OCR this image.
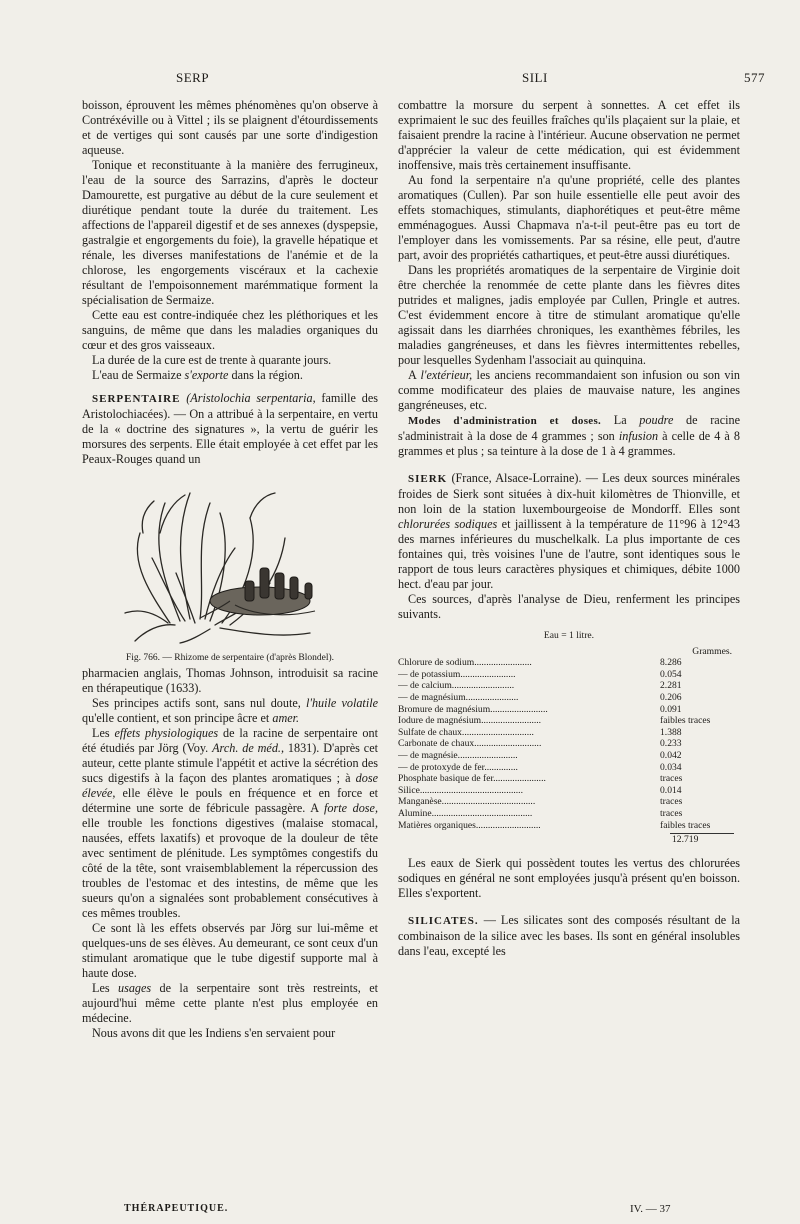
SERP	SILI	577

boisson, éprouvent les mêmes phénomènes qu'on observe à Contréxéville ou à Vittel ; ils se plaignent d'étourdissements et de vertiges qui sont causés par une sorte d'indigestion aqueuse.

Tonique et reconstituante à la manière des ferrugineux, l'eau de la source des Sarrazins, d'après le docteur Damourette, est purgative au début de la cure seulement et diurétique pendant toute la durée du traitement. Les affections de l'appareil digestif et de ses annexes (dyspepsie, gastralgie et engorgements du foie), la gravelle hépatique et rénale, les diverses manifestations de l'anémie et de la chlorose, les engorgements viscéraux et la cachexie résultant de l'empoisonnement marémmatique forment la spécialisation de Sermaize.

Cette eau est contre-indiquée chez les pléthoriques et les sanguins, de même que dans les maladies organiques du cœur et des gros vaisseaux.

La durée de la cure est de trente à quarante jours.

L'eau de Sermaize s'exporte dans la région.

SERPENTAIRE (Aristolochia serpentaria, famille des Aristolochiacées). — On a attribué à la serpentaire, en vertu de la « doctrine des signatures », la vertu de guérir les morsures des serpents. Elle était employée à cet effet par les Peaux-Rouges quand un

Fig. 766. — Rhizome de serpentaire (d'après Blondel).

pharmacien anglais, Thomas Johnson, introduisit sa racine en thérapeutique (1633).

Ses principes actifs sont, sans nul doute, l'huile volatile qu'elle contient, et son principe âcre et amer.

Les effets physiologiques de la racine de serpentaire ont été étudiés par Jörg (Voy. Arch. de méd., 1831). D'après cet auteur, cette plante stimule l'appétit et active la sécrétion des sucs digestifs à la façon des plantes aromatiques ; à dose élevée, elle élève le pouls en fréquence et en force et détermine une sorte de fébricule passagère. A forte dose, elle trouble les fonctions digestives (malaise stomacal, nausées, effets laxatifs) et provoque de la douleur de tête avec sentiment de plénitude. Les symptômes congestifs du côté de la tête, sont vraisemblablement la répercussion des troubles de l'estomac et des intestins, de même que les sueurs qu'on a signalées sont probablement consécutives à ces mêmes troubles.

Ce sont là les effets observés par Jörg sur lui-même et quelques-uns de ses élèves. Au demeurant, ce sont ceux d'un stimulant aromatique que le tube digestif supporte mal à haute dose.

Les usages de la serpentaire sont très restreints, et aujourd'hui même cette plante n'est plus employée en médecine.

Nous avons dit que les Indiens s'en servaient pour

combattre la morsure du serpent à sonnettes. A cet effet ils exprimaient le suc des feuilles fraîches qu'ils plaçaient sur la plaie, et faisaient prendre la racine à l'intérieur. Aucune observation ne permet d'apprécier la valeur de cette médication, qui est évidemment inoffensive, mais très certainement insuffisante.

Au fond la serpentaire n'a qu'une propriété, celle des plantes aromatiques (Cullen). Par son huile essentielle elle peut avoir des effets stomachiques, stimulants, diaphorétiques et peut-être même emménagogues. Aussi Chapmava n'a-t-il peut-être pas eu tort de l'employer dans les vomissements. Par sa résine, elle peut, d'autre part, avoir des propriétés cathartiques, et peut-être aussi diurétiques.

Dans les propriétés aromatiques de la serpentaire de Virginie doit être cherchée la renommée de cette plante dans les fièvres dites putrides et malignes, jadis employée par Cullen, Pringle et autres. C'est évidemment encore à titre de stimulant aromatique qu'elle agissait dans les diarrhées chroniques, les exanthèmes fébriles, les maladies gangréneuses, et dans les fièvres intermittentes rebelles, pour lesquelles Sydenham l'associait au quinquina.

A l'extérieur, les anciens recommandaient son infusion ou son vin comme modificateur des plaies de mauvaise nature, les angines gangréneuses, etc.

Modes d'administration et doses. La poudre de racine s'administrait à la dose de 4 grammes ; son infusion à celle de 4 à 8 grammes et plus ; sa teinture à la dose de 1 à 4 grammes.

SIERK (France, Alsace-Lorraine). — Les deux sources minérales froides de Sierk sont situées à dix-huit kilomètres de Thionville, et non loin de la station luxembourgeoise de Mondorff. Elles sont chlorurées sodiques et jaillissent à la température de 11°96 à 12°43 des marnes inférieures du muschelkalk. La plus importante de ces fontaines qui, très voisines l'une de l'autre, sont identiques sous le rapport de tous leurs caractères physiques et chimiques, débite 1000 hect. d'eau par jour.

Ces sources, d'après l'analyse de Dieu, renferment les principes suivants.

Eau = 1 litre.
Grammes.
Chlorure de sodium........................	8.286
— de potassium.......................	0.054
— de calcium..........................	2.281
— de magnésium......................	0.206
Bromure de magnésium........................	0.091
Iodure de magnésium.........................	faibles traces
Sulfate de chaux..............................	1.388
Carbonate de chaux............................	0.233
— de magnésie.........................	0.042
— de protoxyde de fer..............	0.034
Phosphate basique de fer......................	traces
Silice...........................................	0.014
Manganèse.......................................	traces
Alumine..........................................	traces
Matières organiques...........................	faibles traces
12.719

Les eaux de Sierk qui possèdent toutes les vertus des chlorurées sodiques en général ne sont employées jusqu'à présent qu'en boisson. Elles s'exportent.

SILICATES. — Les silicates sont des composés résultant de la combinaison de la silice avec les bases. Ils sont en général insolubles dans l'eau, excepté les

THÉRAPEUTIQUE.	IV. — 37
